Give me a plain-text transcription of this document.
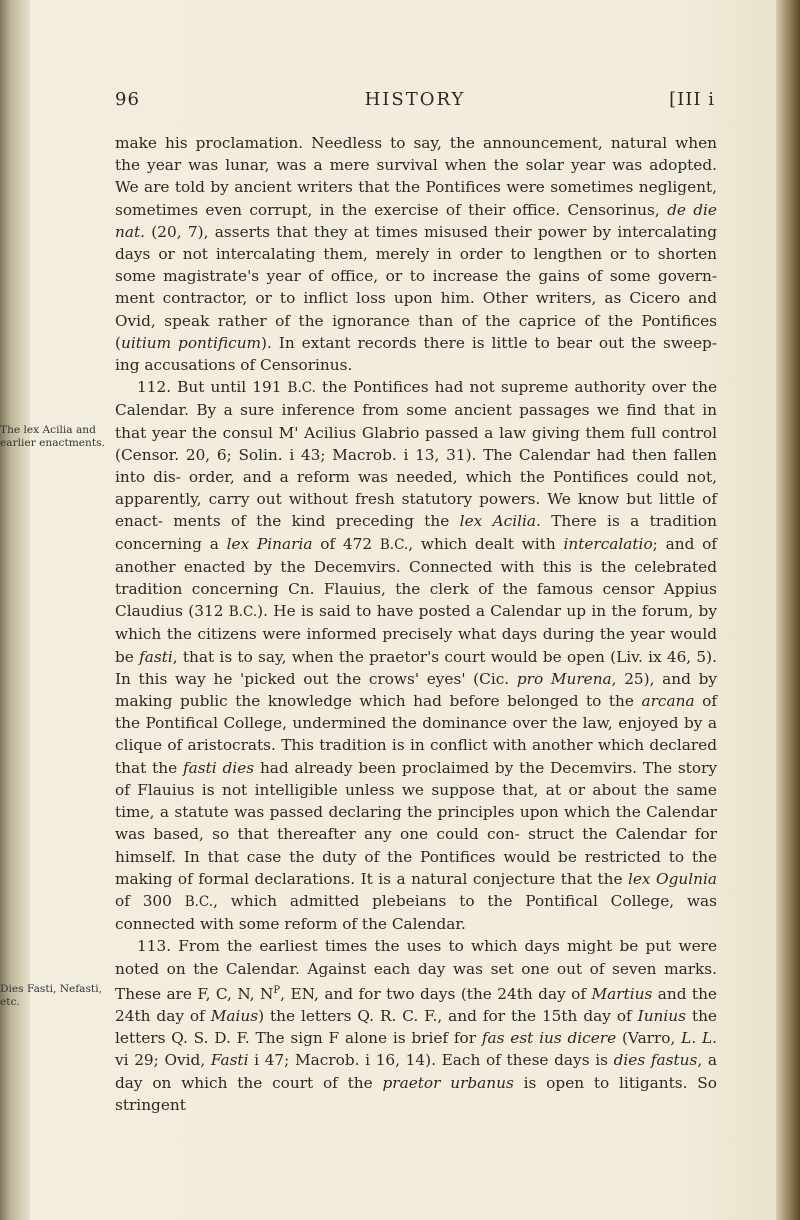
96	HISTORY	[III i

make his proclamation. Needless to say, the announcement, natural when the year was lunar, was a mere survival when the solar year was adopted. We are told by ancient writers that the Pontifices were sometimes negligent, sometimes even corrupt, in the exercise of their office. Censorinus, de die nat. (20, 7), asserts that they at times misused their power by intercalating days or not intercalating them, merely in order to lengthen or to shorten some magistrate's year of office, or to increase the gains of some govern- ment contractor, or to inflict loss upon him. Other writers, as Cicero and Ovid, speak rather of the ignorance than of the caprice of the Pontifices (uitium pontificum). In extant records there is little to bear out the sweep- ing accusations of Censorinus.

The lex Acilia and earlier enactments.
112. But until 191 B.C. the Pontifices had not supreme authority over the Calendar. By a sure inference from some ancient passages we find that in that year the consul M' Acilius Glabrio passed a law giving them full control (Censor. 20, 6; Solin. i 43; Macrob. i 13, 31). The Calendar had then fallen into dis- order, and a reform was needed, which the Pontifices could not, apparently, carry out without fresh statutory powers. We know but little of enact- ments of the kind preceding the lex Acilia. There is a tradition concerning a lex Pinaria of 472 B.C., which dealt with intercalatio; and of another enacted by the Decemvirs. Connected with this is the celebrated tradition concerning Cn. Flauius, the clerk of the famous censor Appius Claudius (312 B.C.). He is said to have posted a Calendar up in the forum, by which the citizens were informed precisely what days during the year would be fasti, that is to say, when the praetor's court would be open (Liv. ix 46, 5). In this way he 'picked out the crows' eyes' (Cic. pro Murena, 25), and by making public the knowledge which had before belonged to the arcana of the Pontifical College, undermined the dominance over the law, enjoyed by a clique of aristocrats. This tradition is in conflict with another which declared that the fasti dies had already been proclaimed by the Decemvirs. The story of Flauius is not intelligible unless we suppose that, at or about the same time, a statute was passed declaring the principles upon which the Calendar was based, so that thereafter any one could con- struct the Calendar for himself. In that case the duty of the Pontifices would be restricted to the making of formal declarations. It is a natural conjecture that the lex Ogulnia of 300 B.C., which admitted plebeians to the Pontifical College, was connected with some reform of the Calendar.

Dies Fasti, Nefasti, etc.
113. From the earliest times the uses to which days might be put were noted on the Calendar. Against each day was set one out of seven marks. These are F, C, N, $N^P$, EN, and for two days (the 24th day of Martius and the 24th day of Maius) the letters Q. R. C. F., and for the 15th day of Iunius the letters Q. S. D. F. The sign F alone is brief for fas est ius dicere (Varro, L. L. vi 29; Ovid, Fasti i 47; Macrob. i 16, 14). Each of these days is dies fastus, a day on which the court of the praetor urbanus is open to litigants. So stringent
